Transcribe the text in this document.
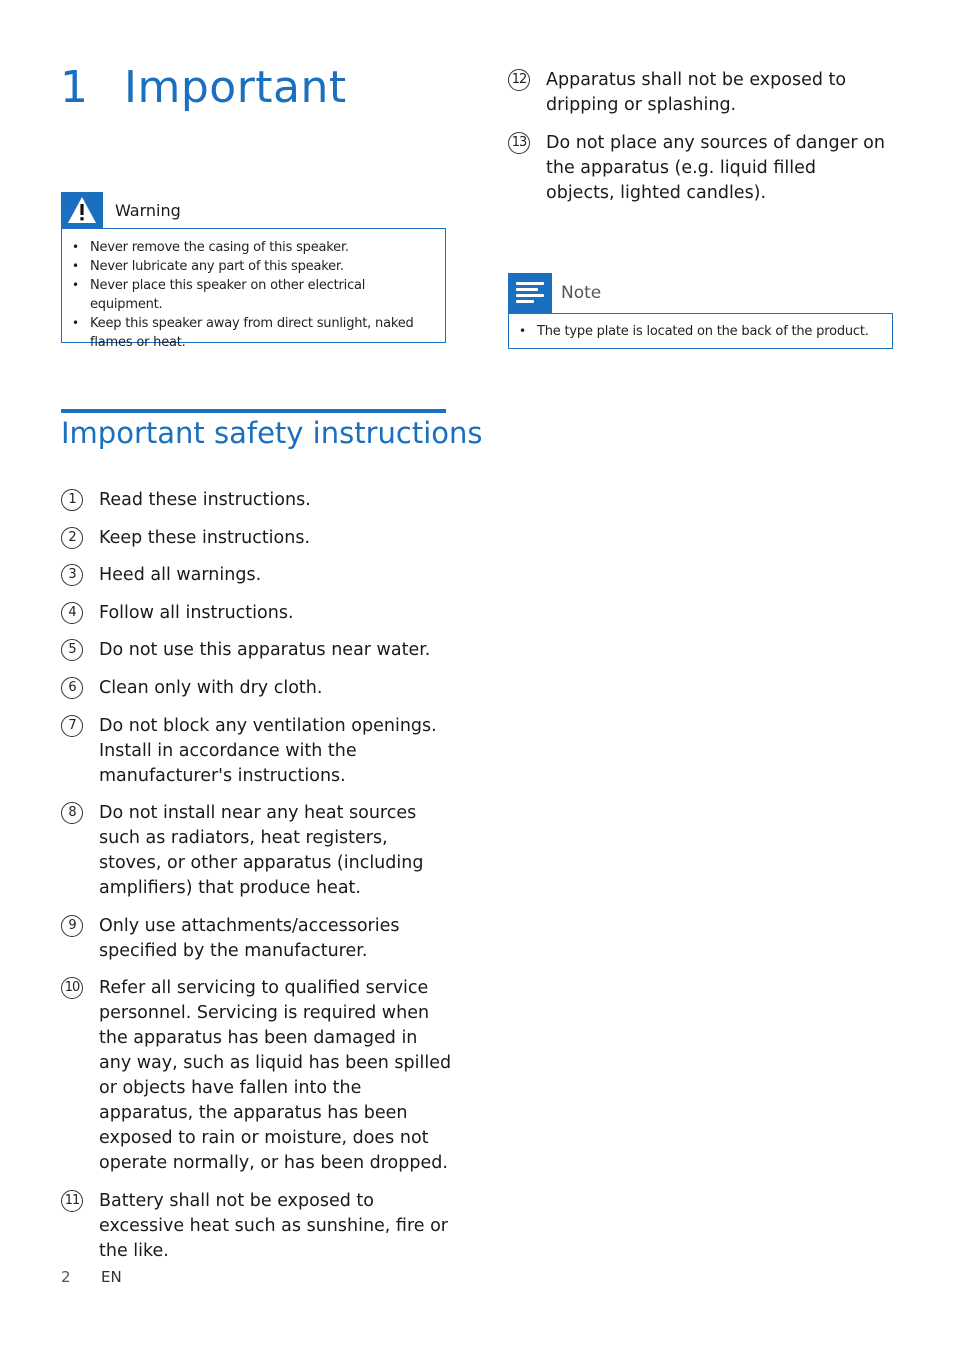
1 Important
Warning
• Never remove the casing of this speaker.
• Never lubricate any part of this speaker.
• Never place this speaker on other electrical equipment.
• Keep this speaker away from direct sunlight, naked flames or heat.
Important safety instructions
1	Read these instructions.
2	Keep these instructions.
3	Heed all warnings.
4	Follow all instructions.
5	Do not use this apparatus near water.
6	Clean only with dry cloth.
7	Do not block any ventilation openings. Install in accordance with the manufacturer's instructions.
8	Do not install near any heat sources such as radiators, heat registers, stoves, or other apparatus (including amplifiers) that produce heat.
9	Only use attachments/accessories specified by the manufacturer.
10 Refer all servicing to qualified service personnel. Servicing is required when the apparatus has been damaged in any way, such as liquid has been spilled or objects have fallen into the apparatus, the apparatus has been exposed to rain or moisture, does not operate normally, or has been dropped.
11 Battery shall not be exposed to excessive heat such as sunshine, fire or the like.
12 Apparatus shall not be exposed to dripping or splashing.
13 Do not place any sources of danger on the apparatus (e.g. liquid filled objects, lighted candles).
Note
• The type plate is located on the back of the product.
2 EN
